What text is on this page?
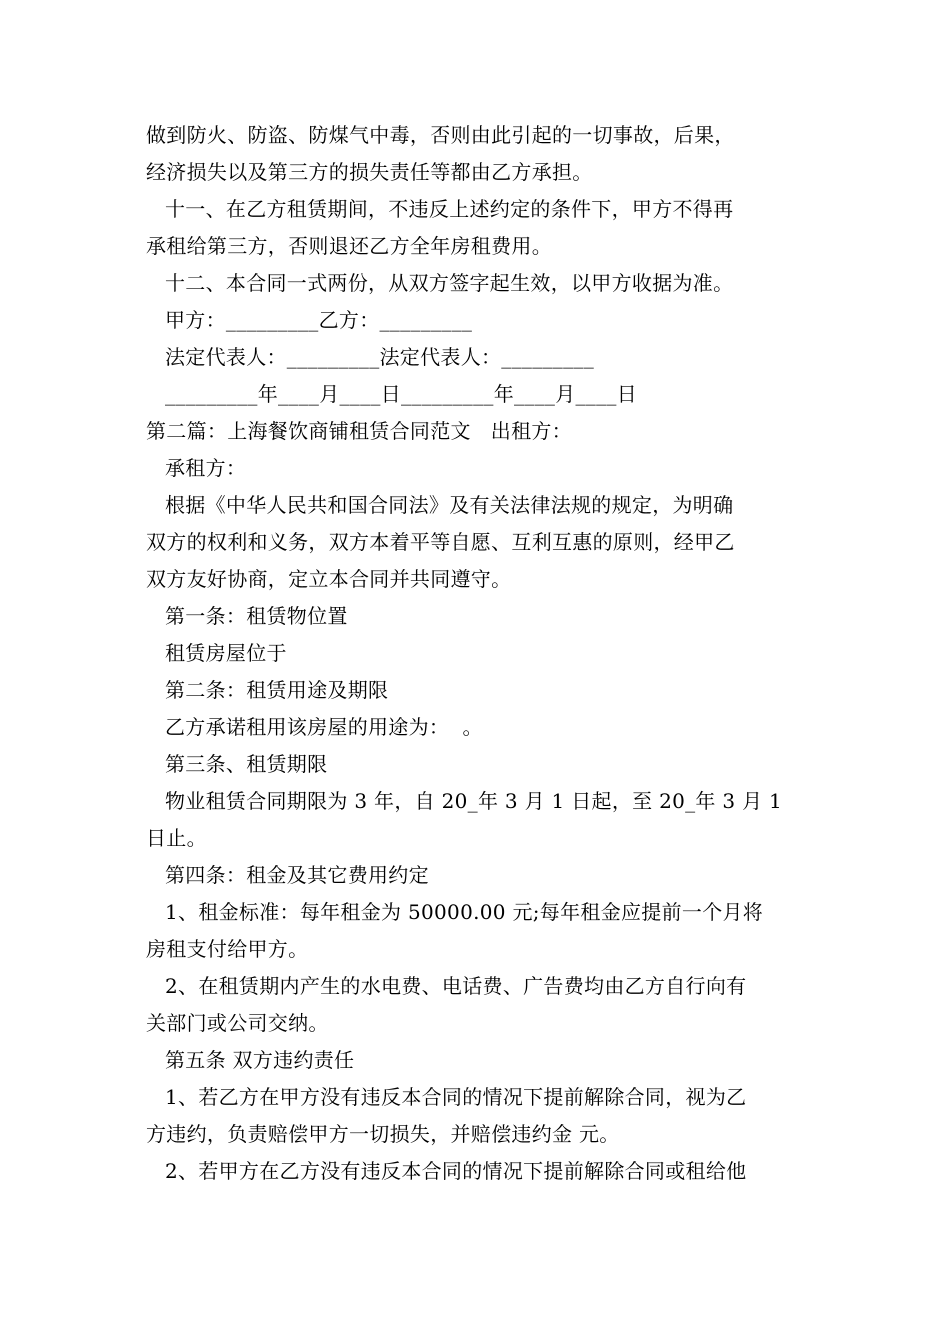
做到防火、防盗、防煤气中毒，否则由此引起的一切事故，后果，

经济损失以及第三方的损失责任等都由乙方承担。

十一、在乙方租赁期间，不违反上述约定的条件下，甲方不得再

承租给第三方，否则退还乙方全年房租费用。

十二、本合同一式两份，从双方签字起生效，以甲方收据为准。

甲方：_________乙方：_________

法定代表人：_________法定代表人：_________

_________年____月____日_________年____月____日

第二篇：上海餐饮商铺租赁合同范文   出租方：

承租方：

根据《中华人民共和国合同法》及有关法律法规的规定，为明确

双方的权利和义务，双方本着平等自愿、互利互惠的原则，经甲乙

双方友好协商，定立本合同并共同遵守。

第一条：租赁物位置

租赁房屋位于

第二条：租赁用途及期限

乙方承诺租用该房屋的用途为：  。

第三条、租赁期限

物业租赁合同期限为 3 年，自 20_年 3 月 1 日起，至 20_年 3 月 1

日止。

第四条：租金及其它费用约定

1、租金标准：每年租金为 50000.00 元;每年租金应提前一个月将

房租支付给甲方。

2、在租赁期内产生的水电费、电话费、广告费均由乙方自行向有

关部门或公司交纳。

第五条 双方违约责任

1、若乙方在甲方没有违反本合同的情况下提前解除合同，视为乙

方违约，负责赔偿甲方一切损失，并赔偿违约金 元。

2、若甲方在乙方没有违反本合同的情况下提前解除合同或租给他
